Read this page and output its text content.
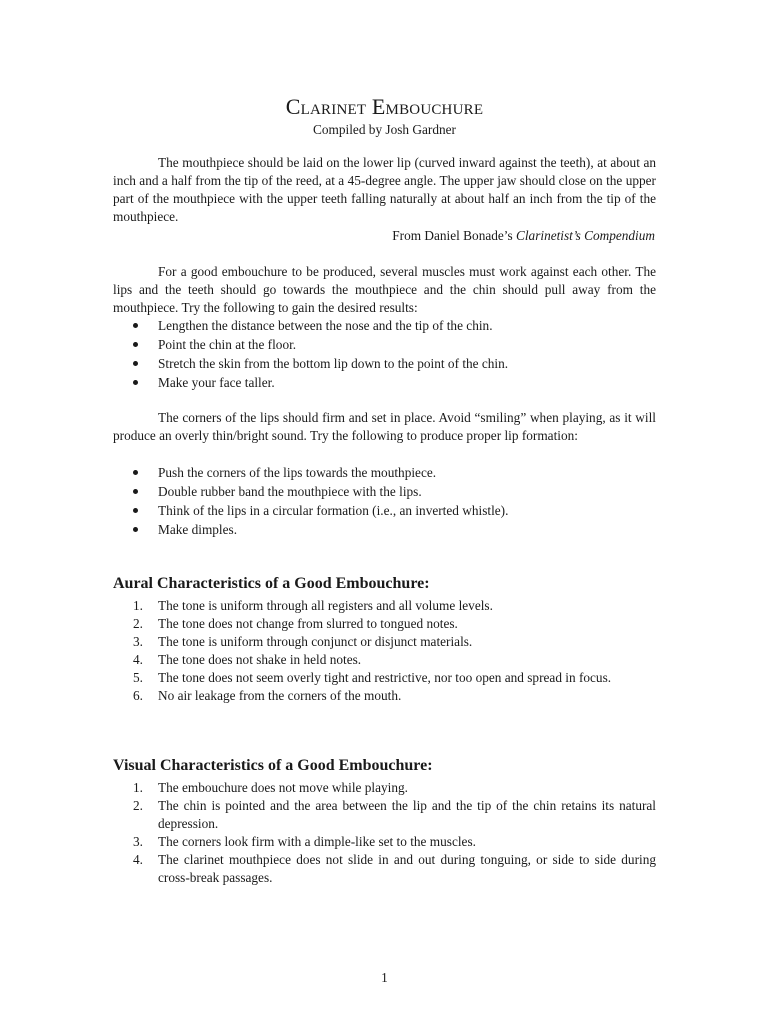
Clarinet Embouchure
Compiled by Josh Gardner

The mouthpiece should be laid on the lower lip (curved inward against the teeth), at about an inch and a half from the tip of the reed, at a 45-degree angle. The upper jaw should close on the upper part of the mouthpiece with the upper teeth falling naturally at about half an inch from the tip of the mouthpiece.

From Daniel Bonade’s Clarinetist’s Compendium

For a good embouchure to be produced, several muscles must work against each other. The lips and the teeth should go towards the mouthpiece and the chin should pull away from the mouthpiece. Try the following to gain the desired results:

Lengthen the distance between the nose and the tip of the chin.
Point the chin at the floor.
Stretch the skin from the bottom lip down to the point of the chin.
Make your face taller.

The corners of the lips should firm and set in place. Avoid “smiling” when playing, as it will produce an overly thin/bright sound. Try the following to produce proper lip formation:

Push the corners of the lips towards the mouthpiece.
Double rubber band the mouthpiece with the lips.
Think of the lips in a circular formation (i.e., an inverted whistle).
Make dimples.
Aural Characteristics of a Good Embouchure:
1. The tone is uniform through all registers and all volume levels.
2. The tone does not change from slurred to tongued notes.
3. The tone is uniform through conjunct or disjunct materials.
4. The tone does not shake in held notes.
5. The tone does not seem overly tight and restrictive, nor too open and spread in focus.
6. No air leakage from the corners of the mouth.
Visual Characteristics of a Good Embouchure:
1. The embouchure does not move while playing.
2. The chin is pointed and the area between the lip and the tip of the chin retains its natural depression.
3. The corners look firm with a dimple-like set to the muscles.
4. The clarinet mouthpiece does not slide in and out during tonguing, or side to side during cross-break passages.
1
